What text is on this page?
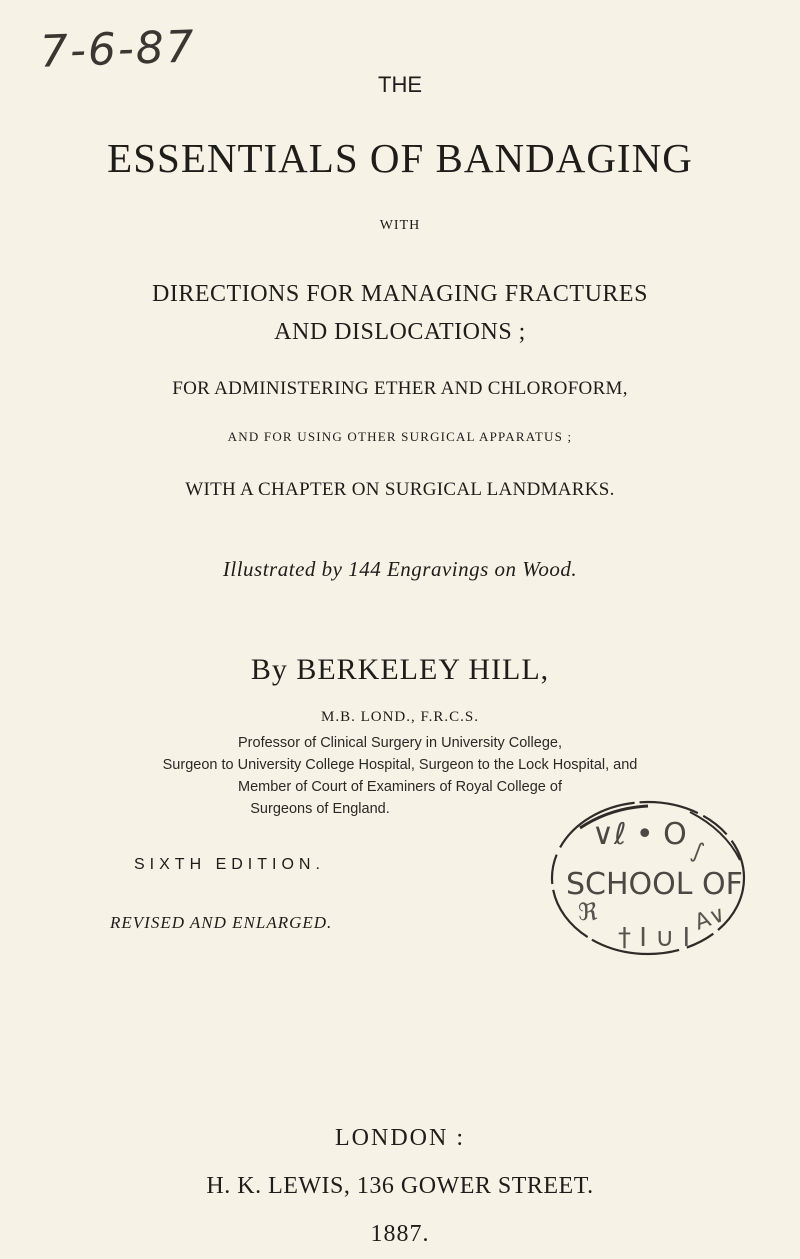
7-6-87
THE
ESSENTIALS OF BANDAGING
WITH
DIRECTIONS FOR MANAGING FRACTURES
AND DISLOCATIONS ;
FOR ADMINISTERING ETHER AND CHLOROFORM,
AND FOR USING OTHER SURGICAL APPARATUS ;
WITH A CHAPTER ON SURGICAL LANDMARKS.
Illustrated by 144 Engravings on Wood.
By BERKELEY HILL,
M.B. LOND., F.R.C.S.
Professor of Clinical Surgery in University College,
Surgeon to University College Hospital, Surgeon to the Lock Hospital, and
Member of Court of Examiners of Royal College of
Surgeons of England.
SIXTH EDITION.
REVISED AND ENLARGED.
∨ℓ • O ∫
SCHOOL OF
ℜ
† I ∪ I
A∨
LONDON :
H. K. LEWIS, 136 GOWER STREET.
1887.
